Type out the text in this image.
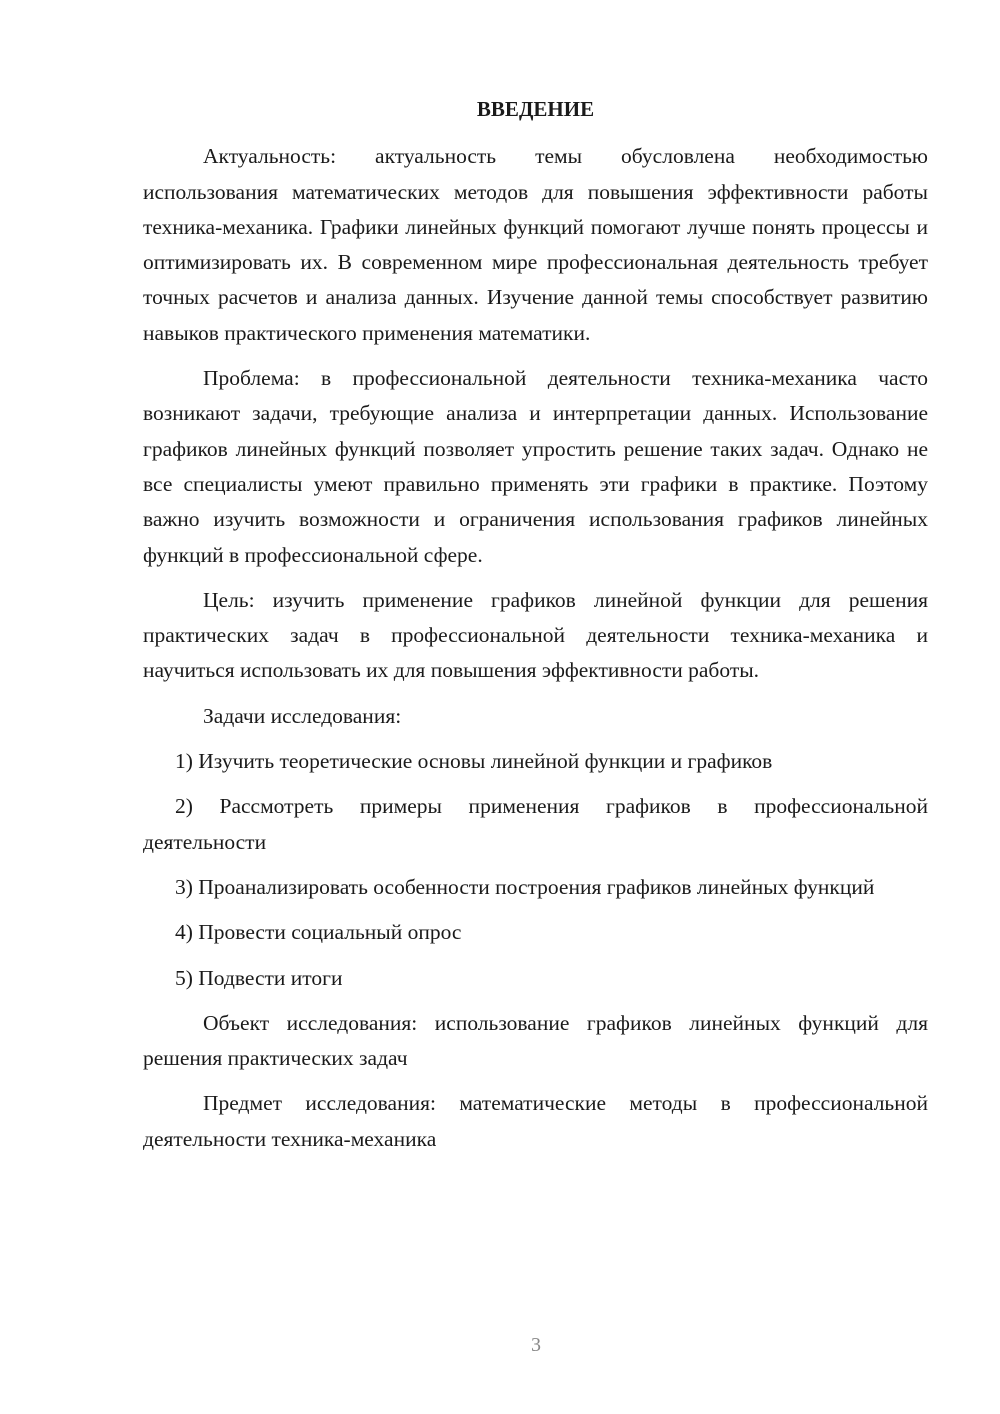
ВВЕДЕНИЕ

Актуальность: актуальность темы обусловлена необходимостью использования математических методов для повышения эффективности работы техника-механика. Графики линейных функций помогают лучше понять процессы и оптимизировать их. В современном мире профессиональная деятельность требует точных расчетов и анализа данных. Изучение данной темы способствует развитию навыков практического применения математики.

Проблема: в профессиональной деятельности техника-механика часто возникают задачи, требующие анализа и интерпретации данных. Использование графиков линейных функций позволяет упростить решение таких задач. Однако не все специалисты умеют правильно применять эти графики в практике. Поэтому важно изучить возможности и ограничения использования графиков линейных функций в профессиональной сфере.

Цель: изучить применение графиков линейной функции для решения практических задач в профессиональной деятельности техника-механика и научиться использовать их для повышения эффективности работы.

Задачи исследования:

1) Изучить теоретические основы линейной функции и графиков

2) Рассмотреть примеры применения графиков в профессиональной деятельности

3) Проанализировать особенности построения графиков линейных функций

4) Провести социальный опрос

5) Подвести итоги

Объект исследования: использование графиков линейных функций для решения практических задач

Предмет исследования: математические методы в профессиональной деятельности техника-механика

3
